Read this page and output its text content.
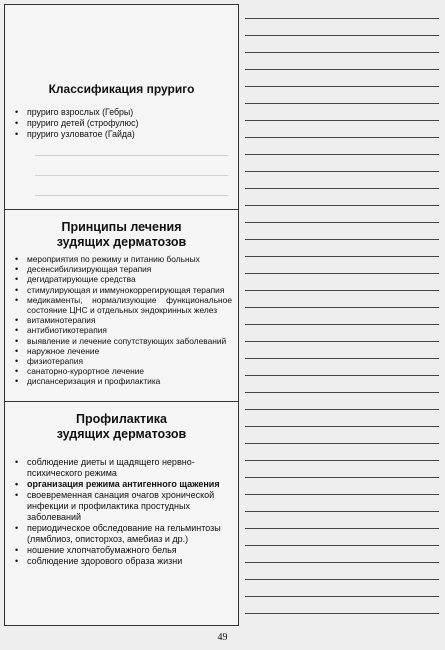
Классификация пруриго
• пруриго взрослых (Гебры)
• пруриго детей (строфулюс)
• пруриго узловатое (Гайда)
Принципы лечения
зудящих дерматозов
• мероприятия по режиму и питанию больных
• десенсибилизирующая терапия
• дегидратирующие средства
• стимулирующая и иммунокоррегирующая терапия
• медикаменты, нормализующие функциональное состояние ЦНС и отдельных эндокринных желез
• витаминотерапия
• антибиотикотерапия
• выявление и лечение сопутствующих заболеваний
• наружное лечение
• физиотерапия
• санаторно-курортное лечение
• диспансеризация и профилактика
Профилактика
зудящих дерматозов
• соблюдение диеты и щадящего нервно-психического режима
• организация режима антигенного щажения
• своевременная санация очагов хронической инфекции и профилактика простудных заболеваний
• периодическое обследование на гельминтозы (лямблиоз, описторхоз, амебиаз и др.)
• ношение хлопчатобумажного белья
• соблюдение здорового образа жизни
49
